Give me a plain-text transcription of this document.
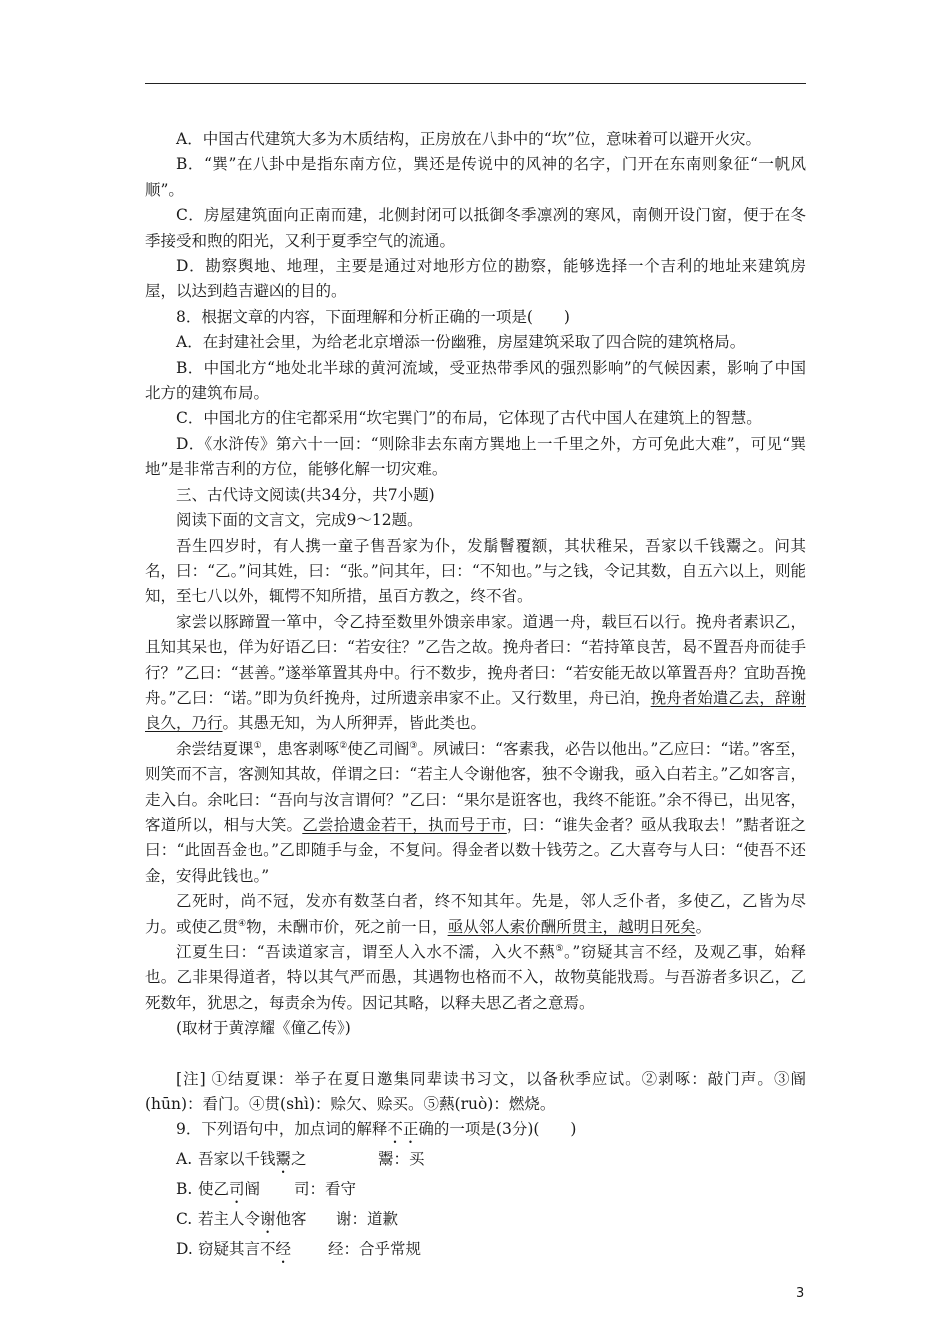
A．中国古代建筑大多为木质结构，正房放在八卦中的“坎”位，意味着可以避开火灾。

B．“巽”在八卦中是指东南方位，巽还是传说中的风神的名字，门开在东南则象征“一帆风顺”。

C．房屋建筑面向正南而建，北侧封闭可以抵御冬季凛冽的寒风，南侧开设门窗，便于在冬季接受和煦的阳光，又利于夏季空气的流通。

D．勘察舆地、地理，主要是通过对地形方位的勘察，能够选择一个吉利的地址来建筑房屋，以达到趋吉避凶的目的。

8．根据文章的内容，下面理解和分析正确的一项是(　　)

A．在封建社会里，为给老北京增添一份幽雅，房屋建筑采取了四合院的建筑格局。

B．中国北方“地处北半球的黄河流域，受亚热带季风的强烈影响”的气候因素，影响了中国北方的建筑布局。

C．中国北方的住宅都采用“坎宅巽门”的布局，它体现了古代中国人在建筑上的智慧。

D．《水浒传》第六十一回：“则除非去东南方巽地上一千里之外，方可免此大难”，可见“巽地”是非常吉利的方位，能够化解一切灾难。

三、古代诗文阅读(共34分，共7小题)

阅读下面的文言文，完成9～12题。

吾生四岁时，有人携一童子售吾家为仆，发鬅鬙覆额，其状稚呆，吾家以千钱鬻之。问其名，曰：“乙。”问其姓，曰：“张。”问其年，曰：“不知也。”与之钱，令记其数，自五六以上，则能知，至七八以外，辄愕不知所措，虽百方教之，终不省。

家尝以豚蹄置一箪中，令乙持至数里外馈亲串家。道遇一舟，载巨石以行。挽舟者素识乙，且知其呆也，佯为好语乙曰：“若安往？”乙告之故。挽舟者曰：“若持箪良苦，曷不置吾舟而徒手行？”乙曰：“甚善。”遂举箪置其舟中。行不数步，挽舟者曰：“若安能无故以箪置吾舟？宜助吾挽舟。”乙曰：“诺。”即为负纤挽舟，过所遗亲串家不止。又行数里，舟已泊，挽舟者始遣乙去，辞谢良久，乃行。其愚无知，为人所狎弄，皆此类也。

余尝结夏课①，患客剥啄②使乙司阍③。夙诫曰：“客素我，必告以他出。”乙应曰：“诺。”客至，则笑而不言，客测知其故，佯谓之曰：“若主人令谢他客，独不令谢我，亟入白若主。”乙如客言，走入白。余叱曰：“吾向与汝言谓何？”乙曰：“果尔是诳客也，我终不能诳。”余不得已，出见客，客道所以，相与大笑。乙尝拾遗金若干，执而号于市，曰：“谁失金者？亟从我取去！”黠者诳之曰：“此固吾金也。”乙即随手与金，不复问。得金者以数十钱劳之。乙大喜夸与人曰：“使吾不还金，安得此钱也。”

乙死时，尚不冠，发亦有数茎白者，终不知其年。先是，邻人乏仆者，多使乙，乙皆为尽力。或使乙贯④物，未酬市价，死之前一日，亟从邻人索价酬所贯主，越明日死矣。

江夏生曰：“吾读道家言，谓至人入水不濡，入火不爇⑤。”窃疑其言不经，及观乙事，始释也。乙非果得道者，特以其气严而愚，其遇物也格而不入，故物莫能戕焉。与吾游者多识乙，乙死数年，犹思之，每责余为传。因记其略，以释夫思乙者之意焉。

(取材于黄淳耀《僮乙传》)

[注] ①结夏课：举子在夏日邀集同辈读书习文，以备秋季应试。②剥啄：敲门声。③阍(hūn)：看门。④贯(shì)：赊欠、赊买。⑤爇(ruò)：燃烧。

9．下列语句中，加点词的解释不正确的一项是(3分)(　　)

A. 吾家以千钱鬻之	鬻：买

B. 使乙司阍	司：看守

C. 若主人令谢他客	谢：道歉

D. 窃疑其言不经	经：合乎常规

3
